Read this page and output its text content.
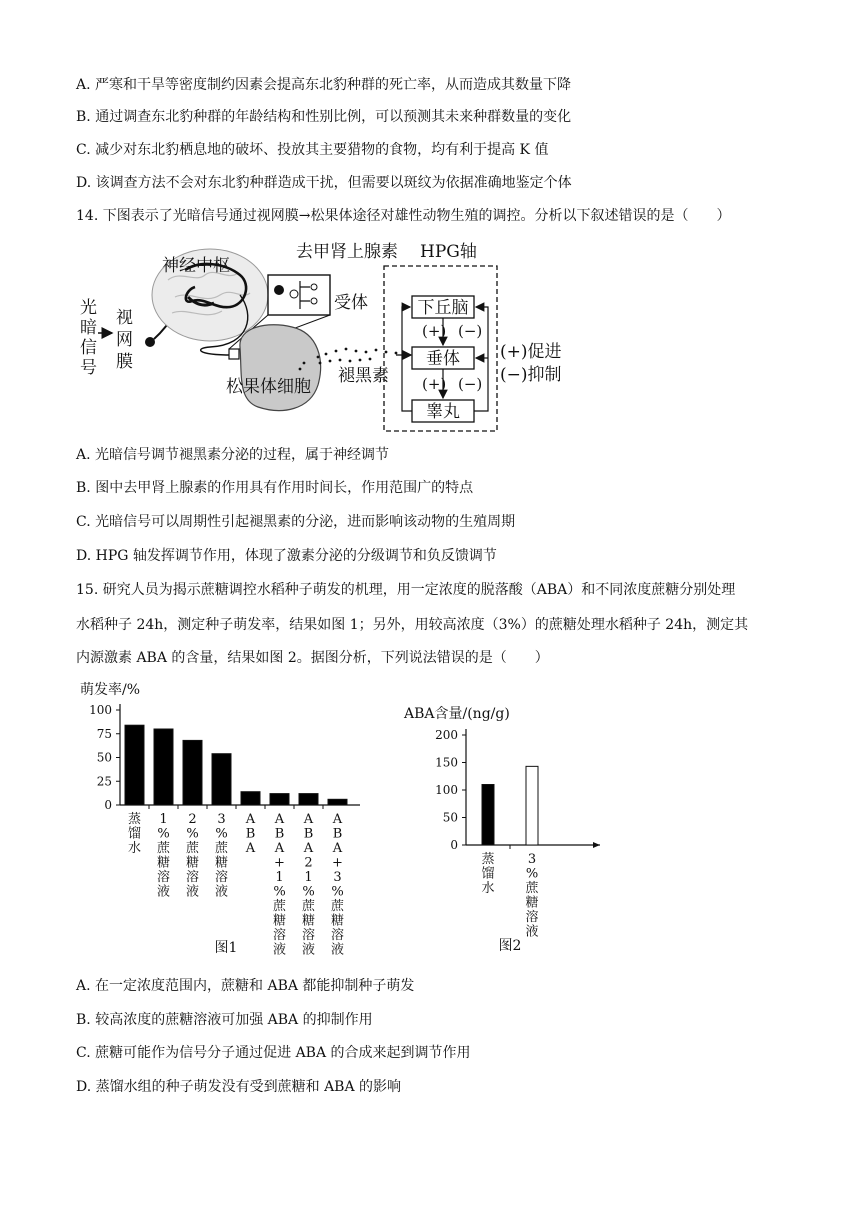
A. 严寒和干旱等密度制约因素会提高东北豹种群的死亡率，从而造成其数量下降
B. 通过调查东北豹种群的年龄结构和性别比例，可以预测其未来种群数量的变化
C. 减少对东北豹栖息地的破坏、投放其主要猎物的食物，均有利于提高 K 值
D. 该调查方法不会对东北豹种群造成干扰，但需要以斑纹为依据准确地鉴定个体
14. 下图表示了光暗信号通过视网膜→松果体途径对雄性动物生殖的调控。分析以下叙述错误的是（　　）
光
暗
信
号
视
网
膜
神经中枢
去甲肾上腺素
受体
松果体细胞
褪黑素
HPG轴
下丘脑
垂体
睾丸
(+) (−)
(+) (−)
(+)促进
(−)抑制
A. 光暗信号调节褪黑素分泌的过程，属于神经调节
B. 图中去甲肾上腺素的作用具有作用时间长，作用范围广的特点
C. 光暗信号可以周期性引起褪黑素的分泌，进而影响该动物的生殖周期
D. HPG 轴发挥调节作用，体现了激素分泌的分级调节和负反馈调节
15. 研究人员为揭示蔗糖调控水稻种子萌发的机理，用一定浓度的脱落酸（ABA）和不同浓度蔗糖分别处理
水稻种子 24h，测定种子萌发率，结果如图 1；另外，用较高浓度（3%）的蔗糖处理水稻种子 24h，测定其
内源激素 ABA 的含量，结果如图 2。据图分析，下列说法错误的是（　　）
萌发率/%
图1
0
25
50
75
100
蒸
馏
水
1
%
蔗
糖
溶
液
2
%
蔗
糖
溶
液
3
%
蔗
糖
溶
液
A
B
A
A
B
A
+
1
%
蔗
糖
溶
液
A
B
A
2
1
%
蔗
糖
溶
液
A
B
A
+
3
%
蔗
糖
溶
液
ABA含量/(ng/g)
图2
0
50
100
150
200
蒸
馏
水
3
%
蔗
糖
溶
液
A. 在一定浓度范围内，蔗糖和 ABA 都能抑制种子萌发
B. 较高浓度的蔗糖溶液可加强 ABA 的抑制作用
C. 蔗糖可能作为信号分子通过促进 ABA 的合成来起到调节作用
D. 蒸馏水组的种子萌发没有受到蔗糖和 ABA 的影响
